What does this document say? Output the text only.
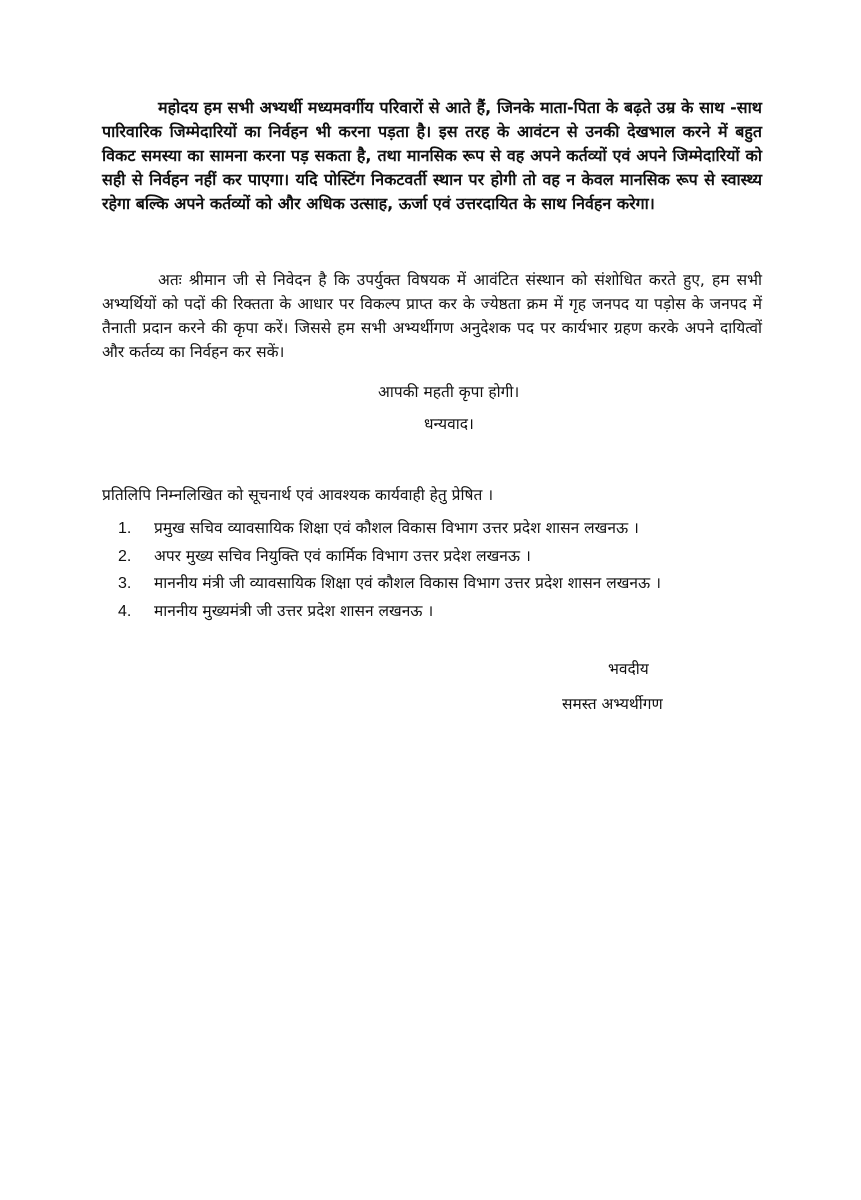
महोदय हम सभी अभ्यर्थी मध्यमवर्गीय परिवारों से आते हैं, जिनके माता-पिता के बढ़ते उम्र के साथ -साथ पारिवारिक जिम्मेदारियों का निर्वहन भी करना पड़ता है। इस तरह के आवंटन से उनकी देखभाल करने में बहुत विकट समस्या का सामना करना पड़ सकता है, तथा मानसिक रूप से वह अपने कर्तव्यों एवं अपने जिम्मेदारियों को सही से निर्वहन नहीं कर पाएगा। यदि पोस्टिंग निकटवर्ती स्थान पर होगी तो वह न केवल मानसिक रूप से स्वास्थ्य रहेगा बल्कि अपने कर्तव्यों को और अधिक उत्साह, ऊर्जा एवं उत्तरदायित के साथ निर्वहन करेगा।

अतः श्रीमान जी से निवेदन है कि उपर्युक्त विषयक में आवंटित संस्थान को संशोधित करते हुए, हम सभी अभ्यर्थियों को पदों की रिक्तता के आधार पर विकल्प प्राप्त कर के ज्येष्ठता क्रम में गृह जनपद या पड़ोस के जनपद में तैनाती प्रदान करने की कृपा करें। जिससे हम सभी अभ्यर्थीगण अनुदेशक पद पर कार्यभार ग्रहण करके अपने दायित्वों और कर्तव्य का निर्वहन कर सकें।

आपकी महती कृपा होगी।

धन्यवाद।

प्रतिलिपि निम्नलिखित को सूचनार्थ एवं आवश्यक कार्यवाही हेतु प्रेषित ।

1. प्रमुख सचिव व्यावसायिक शिक्षा एवं कौशल विकास विभाग उत्तर प्रदेश शासन लखनऊ ।
2. अपर मुख्य सचिव नियुक्ति एवं कार्मिक विभाग उत्तर प्रदेश लखनऊ ।
3. माननीय मंत्री जी व्यावसायिक शिक्षा एवं कौशल विकास विभाग उत्तर प्रदेश शासन लखनऊ ।
4. माननीय मुख्यमंत्री जी उत्तर प्रदेश शासन लखनऊ ।

भवदीय

समस्त अभ्यर्थीगण
